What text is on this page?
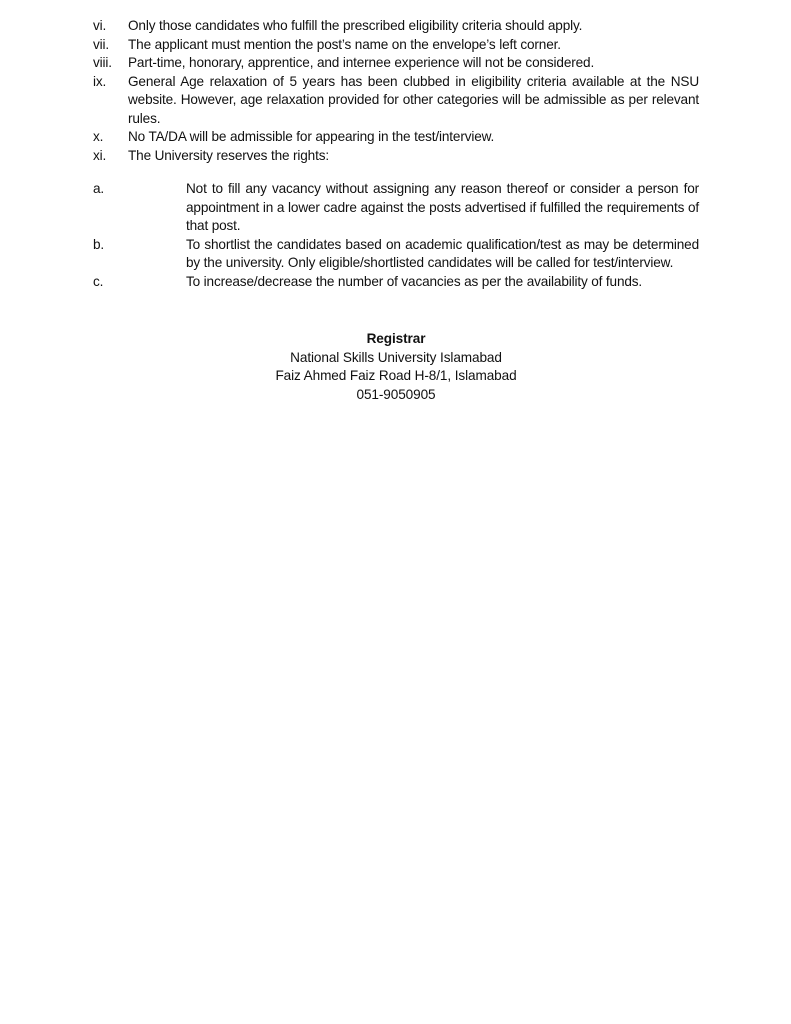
vi.	Only those candidates who fulfill the prescribed eligibility criteria should apply.
vii.	The applicant must mention the post’s name on the envelope’s left corner.
viii.	Part-time, honorary, apprentice, and internee experience will not be considered.
ix.	General Age relaxation of 5 years has been clubbed in eligibility criteria available at the NSU website. However, age relaxation provided for other categories will be admissible as per relevant rules.
x.	No TA/DA will be admissible for appearing in the test/interview.
xi.	The University reserves the rights:
a.	Not to fill any vacancy without assigning any reason thereof or consider a person for appointment in a lower cadre against the posts advertised if fulfilled the requirements of that post.
b.	To shortlist the candidates based on academic qualification/test as may be determined by the university. Only eligible/shortlisted candidates will be called for test/interview.
c.	To increase/decrease the number of vacancies as per the availability of funds.
Registrar
National Skills University Islamabad
Faiz Ahmed Faiz Road H-8/1, Islamabad
051-9050905
